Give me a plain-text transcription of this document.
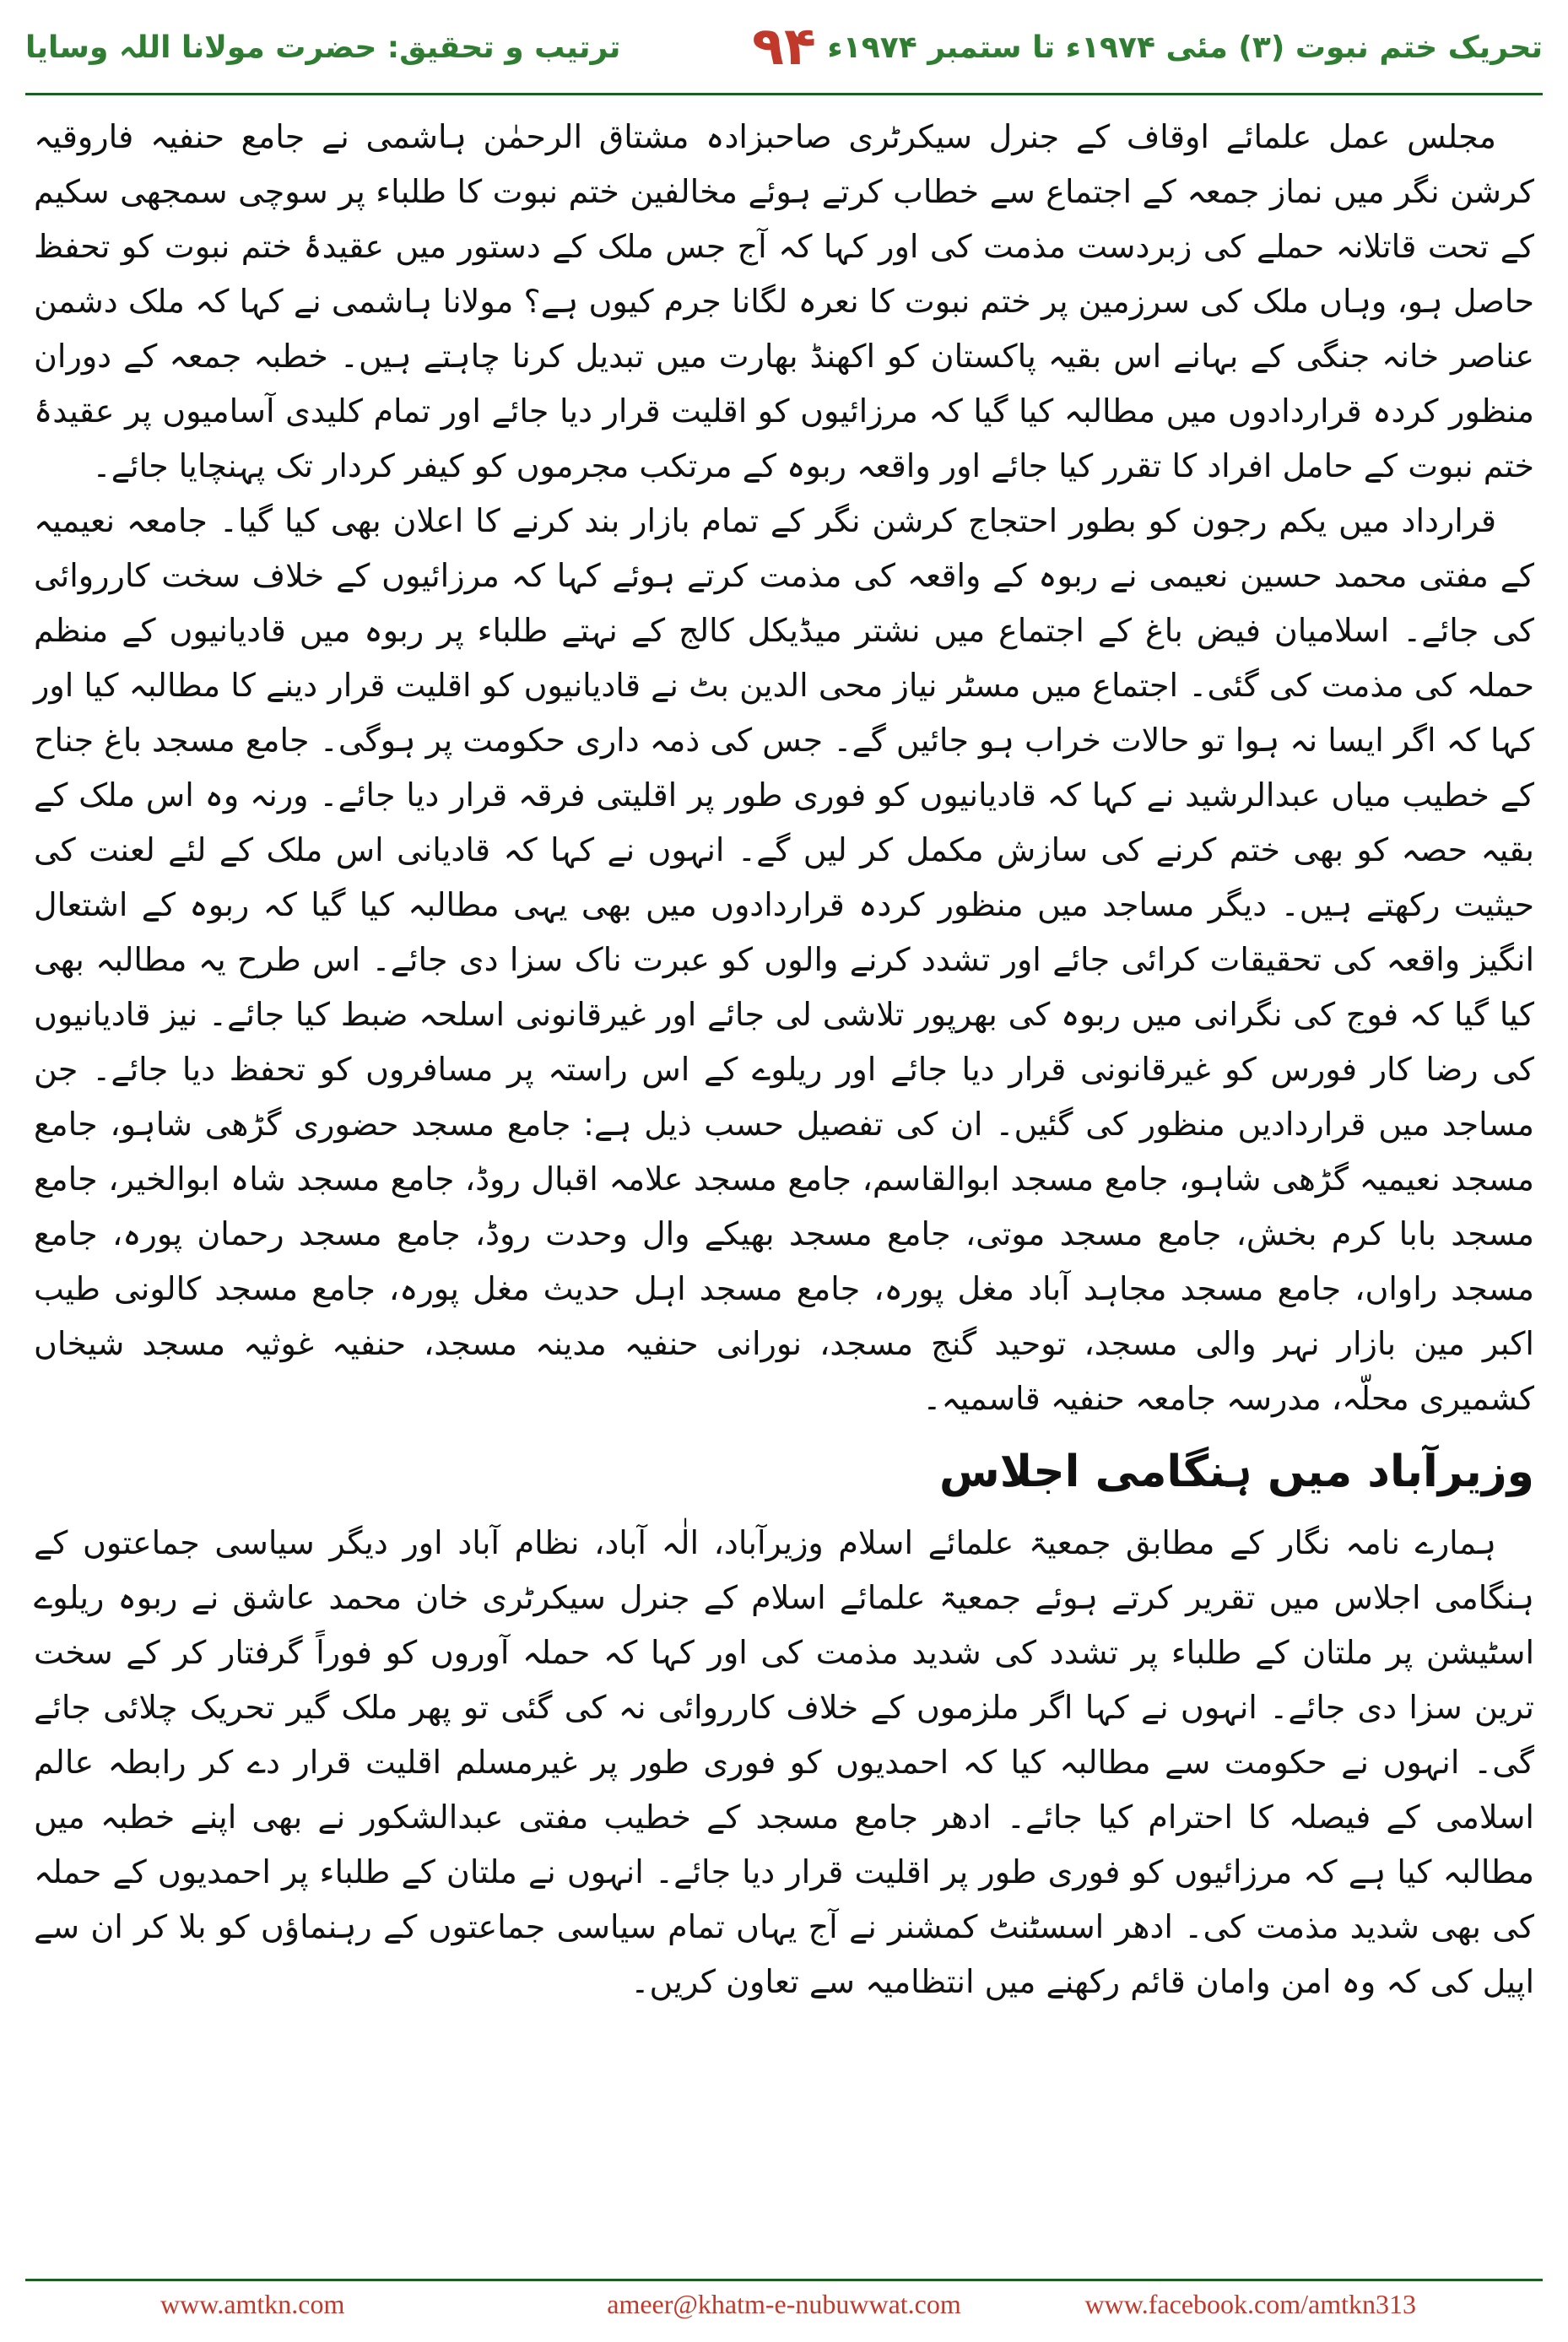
تحریک ختم نبوت (۳) مئی ۱۹۷۴ء تا ستمبر ۱۹۷۴ء
۹۴
ترتیب و تحقیق: حضرت مولانا اللہ وسایا

مجلس عمل علمائے اوقاف کے جنرل سیکرٹری صاحبزادہ مشتاق الرحمٰن ہاشمی نے جامع حنفیہ فاروقیہ کرشن نگر میں نماز جمعہ کے اجتماع سے خطاب کرتے ہوئے مخالفین ختم نبوت کا طلباء پر سوچی سمجھی سکیم کے تحت قاتلانہ حملے کی زبردست مذمت کی اور کہا کہ آج جس ملک کے دستور میں عقیدۂ ختم نبوت کو تحفظ حاصل ہو، وہاں ملک کی سرزمین پر ختم نبوت کا نعرہ لگانا جرم کیوں ہے؟ مولانا ہاشمی نے کہا کہ ملک دشمن عناصر خانہ جنگی کے بہانے اس بقیہ پاکستان کو اکھنڈ بھارت میں تبدیل کرنا چاہتے ہیں۔ خطبہ جمعہ کے دوران منظور کردہ قراردادوں میں مطالبہ کیا گیا کہ مرزائیوں کو اقلیت قرار دیا جائے اور تمام کلیدی آسامیوں پر عقیدۂ ختم نبوت کے حامل افراد کا تقرر کیا جائے اور واقعہ ربوہ کے مرتکب مجرموں کو کیفر کردار تک پہنچایا جائے۔

قرارداد میں یکم رجون کو بطور احتجاج کرشن نگر کے تمام بازار بند کرنے کا اعلان بھی کیا گیا۔ جامعہ نعیمیہ کے مفتی محمد حسین نعیمی نے ربوہ کے واقعہ کی مذمت کرتے ہوئے کہا کہ مرزائیوں کے خلاف سخت کارروائی کی جائے۔ اسلامیان فیض باغ کے اجتماع میں نشتر میڈیکل کالج کے نہتے طلباء پر ربوہ میں قادیانیوں کے منظم حملہ کی مذمت کی گئی۔ اجتماع میں مسٹر نیاز محی الدین بٹ نے قادیانیوں کو اقلیت قرار دینے کا مطالبہ کیا اور کہا کہ اگر ایسا نہ ہوا تو حالات خراب ہو جائیں گے۔ جس کی ذمہ داری حکومت پر ہوگی۔ جامع مسجد باغ جناح کے خطیب میاں عبدالرشید نے کہا کہ قادیانیوں کو فوری طور پر اقلیتی فرقہ قرار دیا جائے۔ ورنہ وہ اس ملک کے بقیہ حصہ کو بھی ختم کرنے کی سازش مکمل کر لیں گے۔ انہوں نے کہا کہ قادیانی اس ملک کے لئے لعنت کی حیثیت رکھتے ہیں۔ دیگر مساجد میں منظور کردہ قراردادوں میں بھی یہی مطالبہ کیا گیا کہ ربوہ کے اشتعال انگیز واقعہ کی تحقیقات کرائی جائے اور تشدد کرنے والوں کو عبرت ناک سزا دی جائے۔ اس طرح یہ مطالبہ بھی کیا گیا کہ فوج کی نگرانی میں ربوہ کی بھرپور تلاشی لی جائے اور غیرقانونی اسلحہ ضبط کیا جائے۔ نیز قادیانیوں کی رضا کار فورس کو غیرقانونی قرار دیا جائے اور ریلوے کے اس راستہ پر مسافروں کو تحفظ دیا جائے۔ جن مساجد میں قراردادیں منظور کی گئیں۔ ان کی تفصیل حسب ذیل ہے: جامع مسجد حضوری گڑھی شاہو، جامع مسجد نعیمیہ گڑھی شاہو، جامع مسجد ابوالقاسم، جامع مسجد علامہ اقبال روڈ، جامع مسجد شاہ ابوالخیر، جامع مسجد بابا کرم بخش، جامع مسجد موتی، جامع مسجد بھیکے وال وحدت روڈ، جامع مسجد رحمان پورہ، جامع مسجد راواں، جامع مسجد مجاہد آباد مغل پورہ، جامع مسجد اہل حدیث مغل پورہ، جامع مسجد کالونی طیب اکبر مین بازار نہر والی مسجد، توحید گنج مسجد، نورانی حنفیہ مدینہ مسجد، حنفیہ غوثیہ مسجد شیخاں کشمیری محلّہ، مدرسہ جامعہ حنفیہ قاسمیہ۔

وزیرآباد میں ہنگامی اجلاس

ہمارے نامہ نگار کے مطابق جمعیۃ علمائے اسلام وزیرآباد، الٰہ آباد، نظام آباد اور دیگر سیاسی جماعتوں کے ہنگامی اجلاس میں تقریر کرتے ہوئے جمعیۃ علمائے اسلام کے جنرل سیکرٹری خان محمد عاشق نے ربوہ ریلوے اسٹیشن پر ملتان کے طلباء پر تشدد کی شدید مذمت کی اور کہا کہ حملہ آوروں کو فوراً گرفتار کر کے سخت ترین سزا دی جائے۔ انہوں نے کہا اگر ملزموں کے خلاف کارروائی نہ کی گئی تو پھر ملک گیر تحریک چلائی جائے گی۔ انہوں نے حکومت سے مطالبہ کیا کہ احمدیوں کو فوری طور پر غیرمسلم اقلیت قرار دے کر رابطہ عالم اسلامی کے فیصلہ کا احترام کیا جائے۔ ادھر جامع مسجد کے خطیب مفتی عبدالشکور نے بھی اپنے خطبہ میں مطالبہ کیا ہے کہ مرزائیوں کو فوری طور پر اقلیت قرار دیا جائے۔ انہوں نے ملتان کے طلباء پر احمدیوں کے حملہ کی بھی شدید مذمت کی۔ ادھر اسسٹنٹ کمشنر نے آج یہاں تمام سیاسی جماعتوں کے رہنماؤں کو بلا کر ان سے اپیل کی کہ وہ امن وامان قائم رکھنے میں انتظامیہ سے تعاون کریں۔

www.amtkn.com	ameer@khatm-e-nubuwwat.com	www.facebook.com/amtkn313
